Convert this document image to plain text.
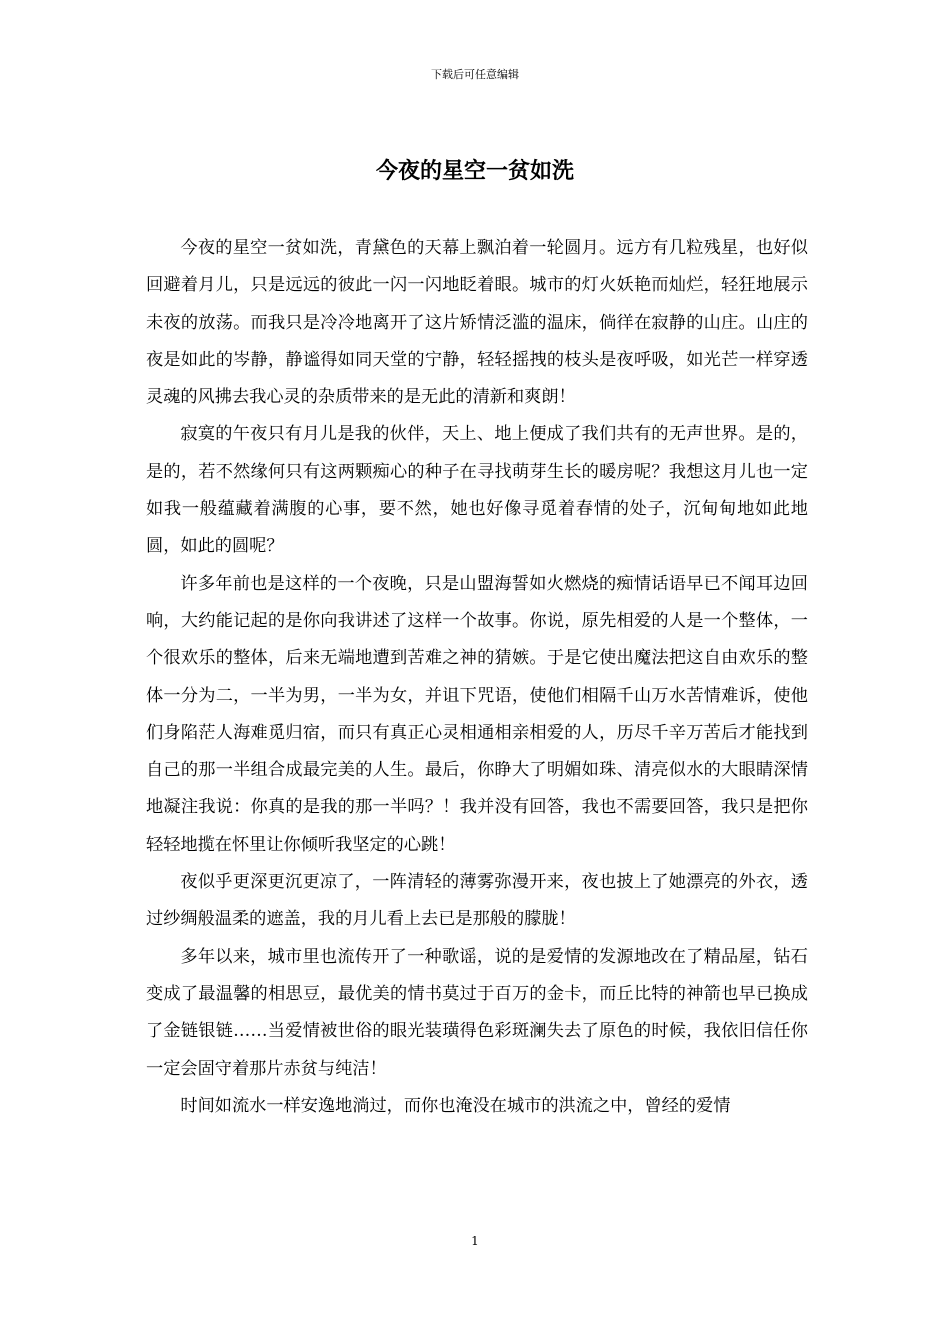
下载后可任意编辑
今夜的星空一贫如洗

今夜的星空一贫如洗，青黛色的天幕上飘泊着一轮圆月。远方有几粒残星，也好似回避着月儿，只是远远的彼此一闪一闪地眨着眼。城市的灯火妖艳而灿烂，轻狂地展示未夜的放荡。而我只是冷冷地离开了这片矫情泛滥的温床，倘徉在寂静的山庄。山庄的夜是如此的岑静，静谧得如同天堂的宁静，轻轻摇拽的枝头是夜呼吸，如光芒一样穿透灵魂的风拂去我心灵的杂质带来的是无此的清新和爽朗！

寂寞的午夜只有月儿是我的伙伴，天上、地上便成了我们共有的无声世界。是的，是的，若不然缘何只有这两颗痴心的种子在寻找萌芽生长的暖房呢？我想这月儿也一定如我一般蕴藏着满腹的心事，要不然，她也好像寻觅着春情的处子，沉甸甸地如此地圆，如此的圆呢？

许多年前也是这样的一个夜晚，只是山盟海誓如火燃烧的痴情话语早已不闻耳边回响，大约能记起的是你向我讲述了这样一个故事。你说，原先相爱的人是一个整体，一个很欢乐的整体，后来无端地遭到苦难之神的猜嫉。于是它使出魔法把这自由欢乐的整体一分为二，一半为男，一半为女，并诅下咒语，使他们相隔千山万水苦情难诉，使他们身陷茫人海难觅归宿，而只有真正心灵相通相亲相爱的人，历尽千辛万苦后才能找到自己的那一半组合成最完美的人生。最后，你睁大了明媚如珠、清亮似水的大眼睛深情地凝注我说：你真的是我的那一半吗？！我并没有回答，我也不需要回答，我只是把你轻轻地揽在怀里让你倾听我坚定的心跳！

夜似乎更深更沉更凉了，一阵清轻的薄雾弥漫开来，夜也披上了她漂亮的外衣，透过纱绸般温柔的遮盖，我的月儿看上去已是那般的朦胧！

多年以来，城市里也流传开了一种歌谣，说的是爱情的发源地改在了精品屋，钻石变成了最温馨的相思豆，最优美的情书莫过于百万的金卡，而丘比特的神箭也早已换成了金链银链……当爱情被世俗的眼光装璜得色彩斑澜失去了原色的时候，我依旧信任你一定会固守着那片赤贫与纯洁！

时间如流水一样安逸地淌过，而你也淹没在城市的洪流之中，曾经的爱情

1
